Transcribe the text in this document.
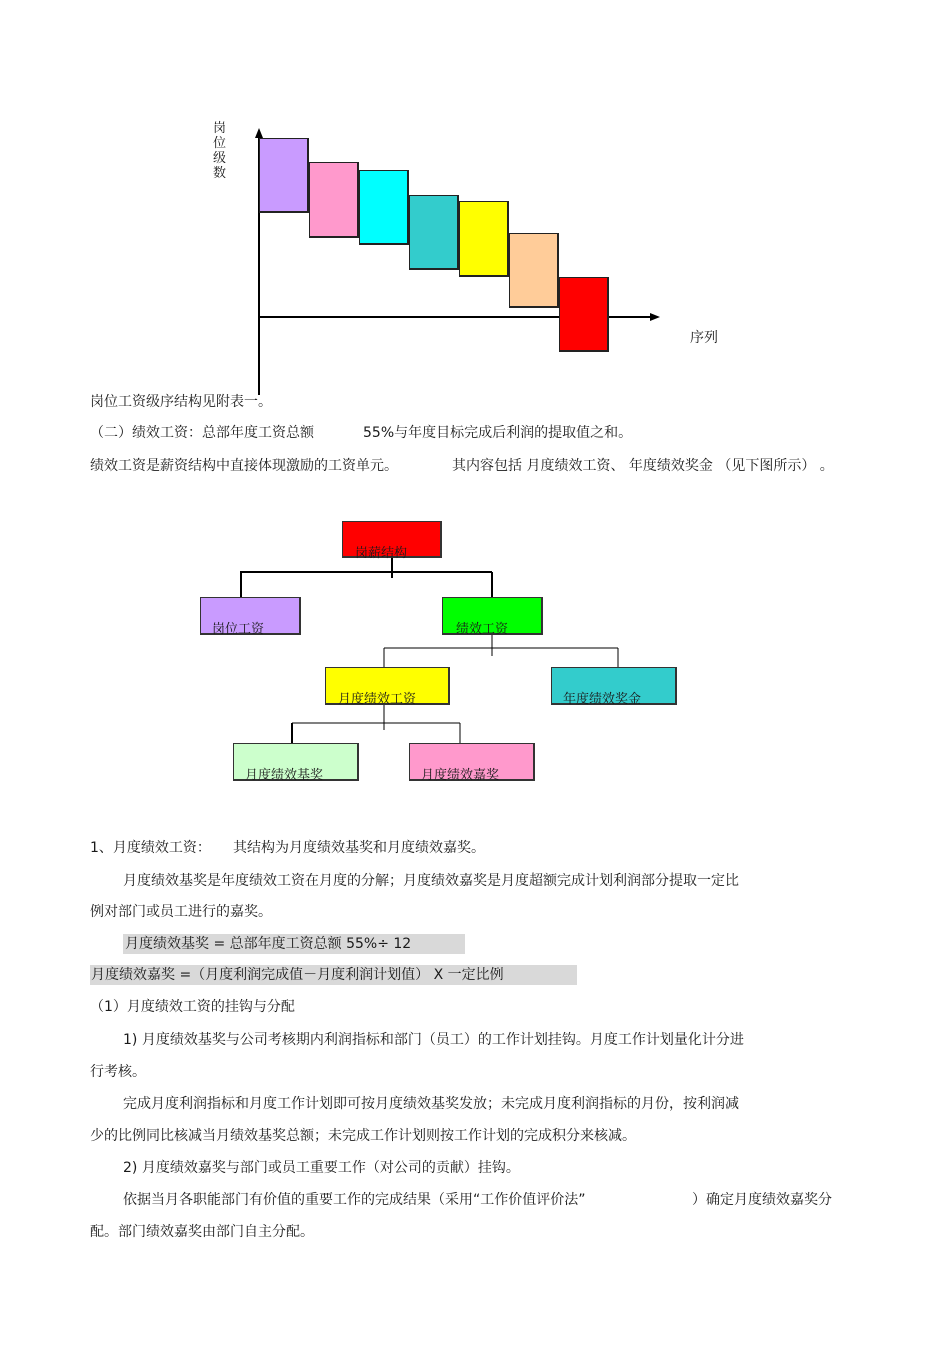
岗
位
级
数
序列
岗位工资级序结构见附表一。
（二）绩效工资：总部年度工资总额	55%与年度目标完成后利润的提取值之和。
绩效工资是薪资结构中直接体现激励的工资单元。	其内容包括 月度绩效工资、 年度绩效奖金 （见下图所示） 。
岗薪结构
岗位工资	绩效工资
月度绩效工资	年度绩效奖金
月度绩效基奖	月度绩效嘉奖
1、月度绩效工资： 其结构为月度绩效基奖和月度绩效嘉奖。
月度绩效基奖是年度绩效工资在月度的分解；月度绩效嘉奖是月度超额完成计划利润部分提取一定比
例对部门或员工进行的嘉奖。
月度绩效基奖 = 总部年度工资总额 55%÷ 12
月度绩效嘉奖 =（月度利润完成值－月度利润计划值） X 一定比例
（1）月度绩效工资的挂钩与分配
1) 月度绩效基奖与公司考核期内利润指标和部门（员工）的工作计划挂钩。月度工作计划量化计分进
行考核。
完成月度利润指标和月度工作计划即可按月度绩效基奖发放；未完成月度利润指标的月份，按利润减
少的比例同比核减当月绩效基奖总额；未完成工作计划则按工作计划的完成积分来核减。
2) 月度绩效嘉奖与部门或员工重要工作（对公司的贡献）挂钩。
依据当月各职能部门有价值的重要工作的完成结果（采用“工作价值评价法”	）确定月度绩效嘉奖分
配。部门绩效嘉奖由部门自主分配。
